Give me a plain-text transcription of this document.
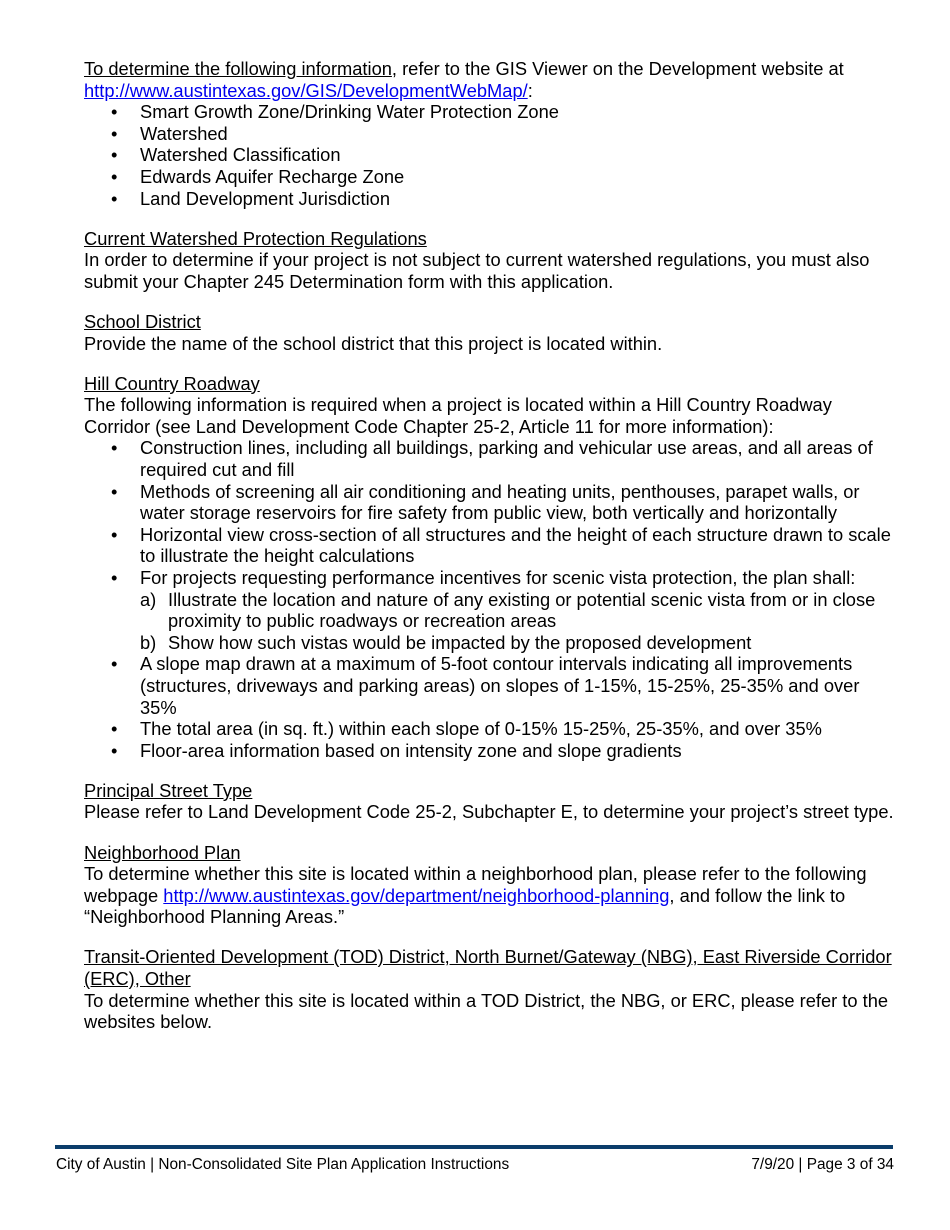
To determine the following information, refer to the GIS Viewer on the Development website at
http://www.austintexas.gov/GIS/DevelopmentWebMap/:

• Smart Growth Zone/Drinking Water Protection Zone
• Watershed
• Watershed Classification
• Edwards Aquifer Recharge Zone
• Land Development Jurisdiction

Current Watershed Protection Regulations

In order to determine if your project is not subject to current watershed regulations, you must also submit your Chapter 245 Determination form with this application.

School District

Provide the name of the school district that this project is located within.

Hill Country Roadway

The following information is required when a project is located within a Hill Country Roadway Corridor (see Land Development Code Chapter 25-2, Article 11 for more information):

• Construction lines, including all buildings, parking and vehicular use areas, and all areas of required cut and fill
• Methods of screening all air conditioning and heating units, penthouses, parapet walls, or water storage reservoirs for fire safety from public view, both vertically and horizontally
• Horizontal view cross-section of all structures and the height of each structure drawn to scale to illustrate the height calculations
• For projects requesting performance incentives for scenic vista protection, the plan shall:
a) Illustrate the location and nature of any existing or potential scenic vista from or in close proximity to public roadways or recreation areas
b) Show how such vistas would be impacted by the proposed development
• A slope map drawn at a maximum of 5-foot contour intervals indicating all improvements (structures, driveways and parking areas) on slopes of 1-15%, 15-25%, 25-35% and over 35%
• The total area (in sq. ft.) within each slope of 0-15% 15-25%, 25-35%, and over 35%
• Floor-area information based on intensity zone and slope gradients

Principal Street Type

Please refer to Land Development Code 25-2, Subchapter E, to determine your project’s street type.

Neighborhood Plan

To determine whether this site is located within a neighborhood plan, please refer to the following webpage http://www.austintexas.gov/department/neighborhood-planning, and follow the link to “Neighborhood Planning Areas.”

Transit-Oriented Development (TOD) District, North Burnet/Gateway (NBG), East Riverside Corridor (ERC), Other

To determine whether this site is located within a TOD District, the NBG, or ERC, please refer to the websites below.

City of Austin | Non-Consolidated Site Plan Application Instructions	7/9/20 | Page 3 of 34
